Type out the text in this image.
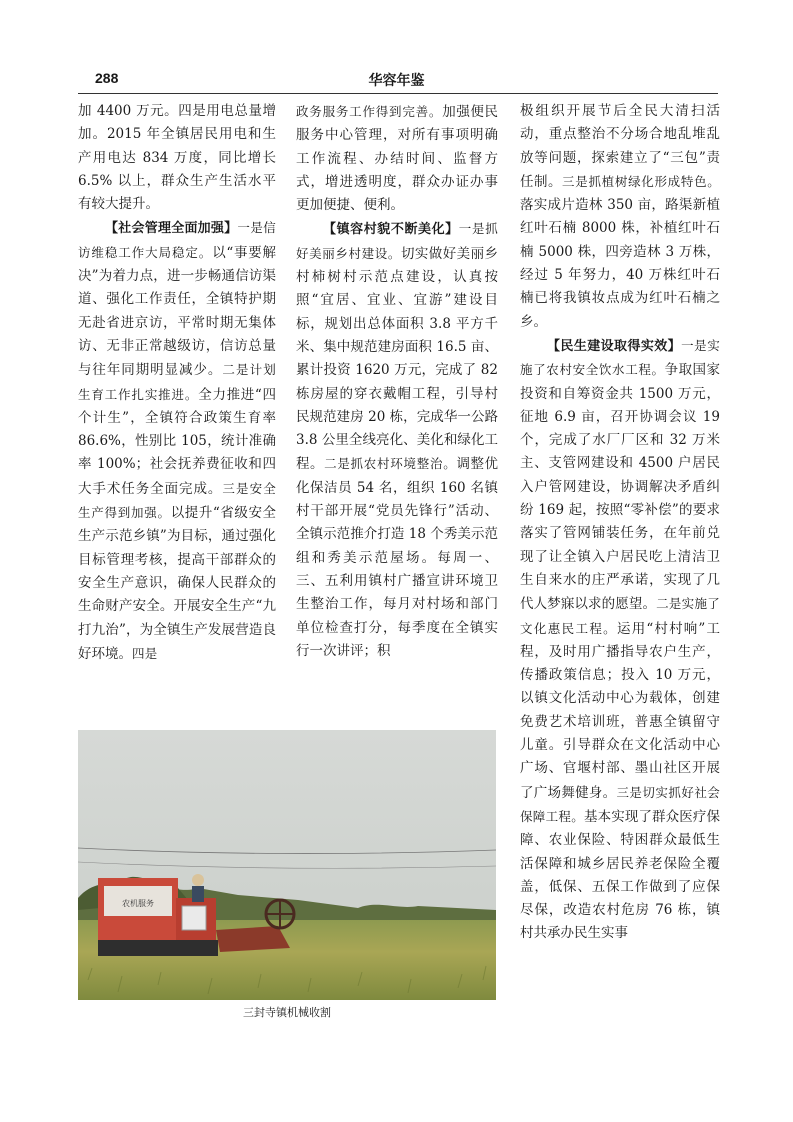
288	华容年鉴

加 4400 万元。四是用电总量增加。2015 年全镇居民用电和生产用电达 834 万度，同比增长 6.5% 以上，群众生产生活水平有较大提升。

【社会管理全面加强】一是信访维稳工作大局稳定。以“事要解决”为着力点，进一步畅通信访渠道、强化工作责任，全镇特护期无赴省进京访，平常时期无集体访、无非正常越级访，信访总量与往年同期明显减少。二是计划生育工作扎实推进。全力推进“四个计生”，全镇符合政策生育率 86.6%，性别比 105，统计准确率 100%；社会抚养费征收和四大手术任务全面完成。三是安全生产得到加强。以提升“省级安全生产示范乡镇”为目标，通过强化目标管理考核，提高干部群众的安全生产意识，确保人民群众的生命财产安全。开展安全生产“九打九治”，为全镇生产发展营造良好环境。四是

政务服务工作得到完善。加强便民服务中心管理，对所有事项明确工作流程、办结时间、监督方式，增进透明度，群众办证办事更加便捷、便利。

【镇容村貌不断美化】一是抓好美丽乡村建设。切实做好美丽乡村柿树村示范点建设，认真按照“宜居、宜业、宜游”建设目标，规划出总体面积 3.8 平方千米、集中规范建房面积 16.5 亩、累计投资 1620 万元，完成了 82 栋房屋的穿衣戴帽工程，引导村民规范建房 20 栋，完成华一公路 3.8 公里全线亮化、美化和绿化工程。二是抓农村环境整治。调整优化保洁员 54 名，组织 160 名镇村干部开展“党员先锋行”活动、全镇示范推介打造 18 个秀美示范组和秀美示范屋场。每周一、三、五利用镇村广播宣讲环境卫生整治工作，每月对村场和部门单位检查打分，每季度在全镇实行一次讲评；积

极组织开展节后全民大清扫活动，重点整治不分场合地乱堆乱放等问题，探索建立了“三包”责任制。三是抓植树绿化形成特色。落实成片造林 350 亩，路渠新植红叶石楠 8000 株，补植红叶石楠 5000 株，四旁造林 3 万株，经过 5 年努力，40 万株红叶石楠已将我镇妆点成为红叶石楠之乡。

【民生建设取得实效】一是实施了农村安全饮水工程。争取国家投资和自筹资金共 1500 万元，征地 6.9 亩，召开协调会议 19 个，完成了水厂厂区和 32 万米主、支管网建设和 4500 户居民入户管网建设，协调解决矛盾纠纷 169 起，按照“零补偿”的要求落实了管网铺装任务，在年前兑现了让全镇入户居民吃上清洁卫生自来水的庄严承诺，实现了几代人梦寐以求的愿望。二是实施了文化惠民工程。运用“村村响”工程，及时用广播指导农户生产，传播政策信息；投入 10 万元，以镇文化活动中心为载体，创建免费艺术培训班，普惠全镇留守儿童。引导群众在文化活动中心广场、官堰村部、墨山社区开展了广场舞健身。三是切实抓好社会保障工程。基本实现了群众医疗保障、农业保险、特困群众最低生活保障和城乡居民养老保险全覆盖，低保、五保工作做到了应保尽保，改造农村危房 76 栋，镇村共承办民生实事

农机服务
三封寺镇机械收割
